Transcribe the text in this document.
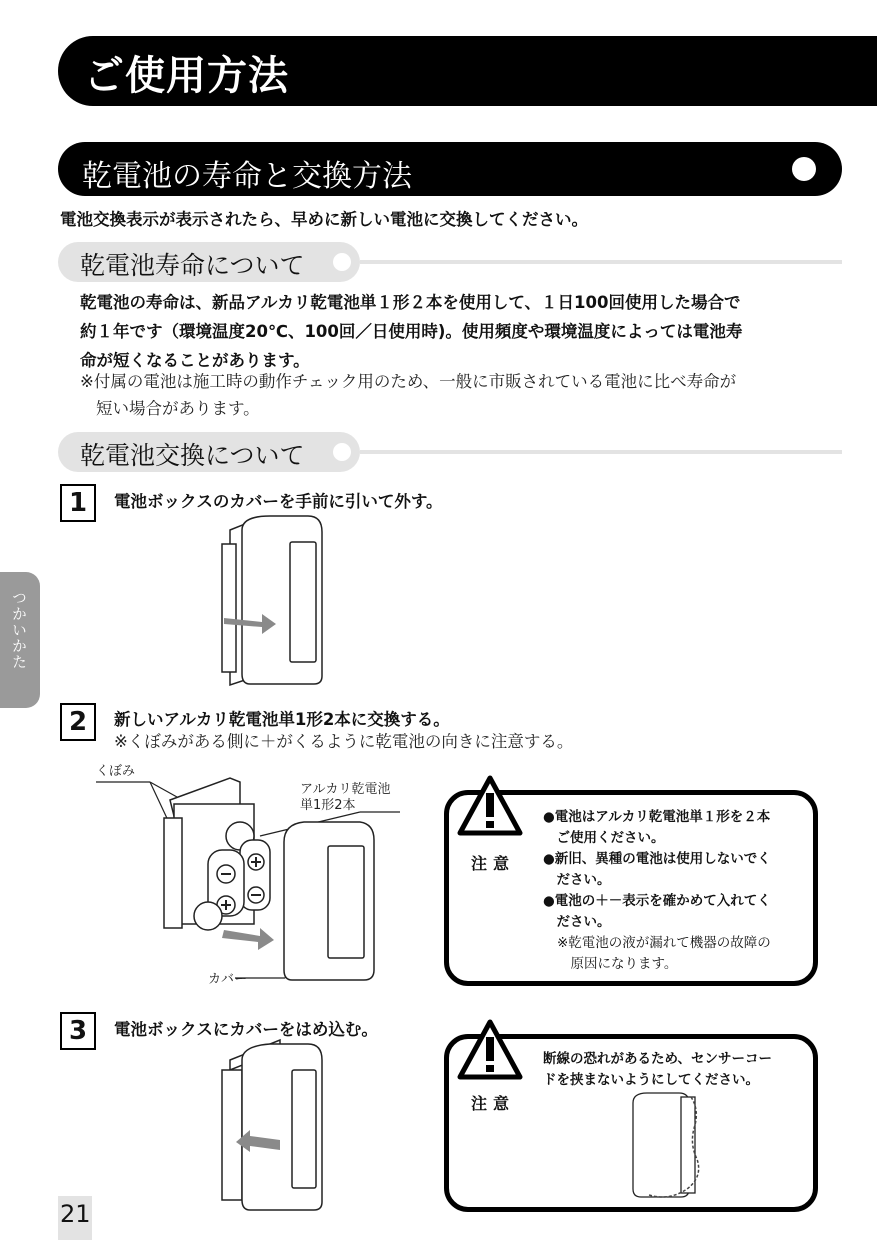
ご使用方法
乾電池の寿命と交換方法
電池交換表示が表示されたら、早めに新しい電池に交換してください。
乾電池寿命について
乾電池の寿命は、新品アルカリ乾電池単１形２本を使用して、１日100回使用した場合で
約１年です（環境温度20℃、100回／日使用時)。使用頻度や環境温度によっては電池寿
命が短くなることがあります。
※付属の電池は施工時の動作チェック用のため、一般に市販されている電池に比べ寿命が
短い場合があります。
乾電池交換について
1	電池ボックスのカバーを手前に引いて外す。
つかいかた
2	新しいアルカリ乾電池単1形2本に交換する。
※くぼみがある側に＋がくるように乾電池の向きに注意する。
くぼみ
アルカリ乾電池
単1形2本
カバー
注意
●電池はアルカリ乾電池単１形を２本
　ご使用ください。
●新旧、異種の電池は使用しないでく
　ださい。
●電池の＋－表示を確かめて入れてく
　ださい。
※乾電池の液が漏れて機器の故障の
　原因になります。
3	電池ボックスにカバーをはめ込む。
注意
断線の恐れがあるため、センサーコー
ドを挟まないようにしてください。
21
